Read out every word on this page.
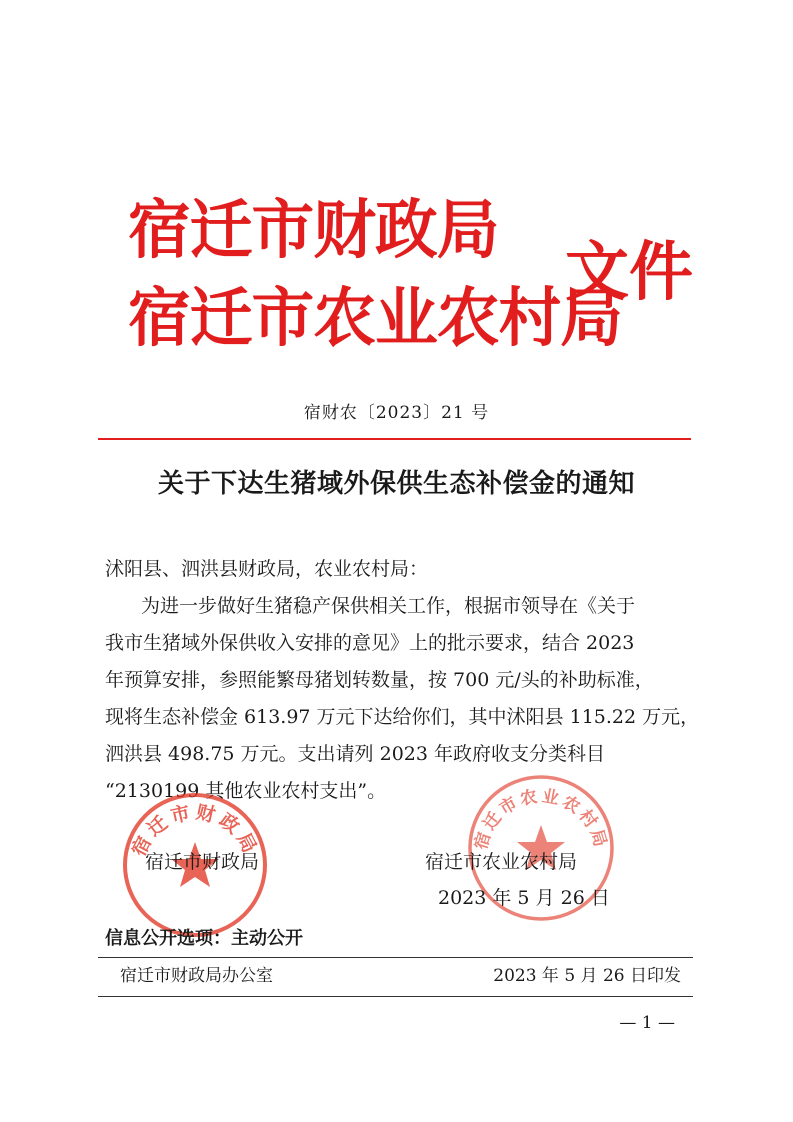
宿迁市财政局
宿迁市农业农村局
文件
宿财农〔2023〕21 号
关于下达生猪域外保供生态补偿金的通知
沭阳县、泗洪县财政局，农业农村局：
为进一步做好生猪稳产保供相关工作，根据市领导在《关于
我市生猪域外保供收入安排的意见》上的批示要求，结合 2023
年预算安排，参照能繁母猪划转数量，按 700 元/头的补助标准，
现将生态补偿金 613.97 万元下达给你们，其中沭阳县 115.22 万元，
泗洪县 498.75 万元。支出请列 2023 年政府收支分类科目
“2130199 其他农业农村支出”。
宿迁市财政局	宿迁市农业农村局
宿迁市财政局	宿迁市农业农村局
2023 年 5 月 26 日
信息公开选项：主动公开
宿迁市财政局办公室	2023 年 5 月 26 日印发
— 1 —
